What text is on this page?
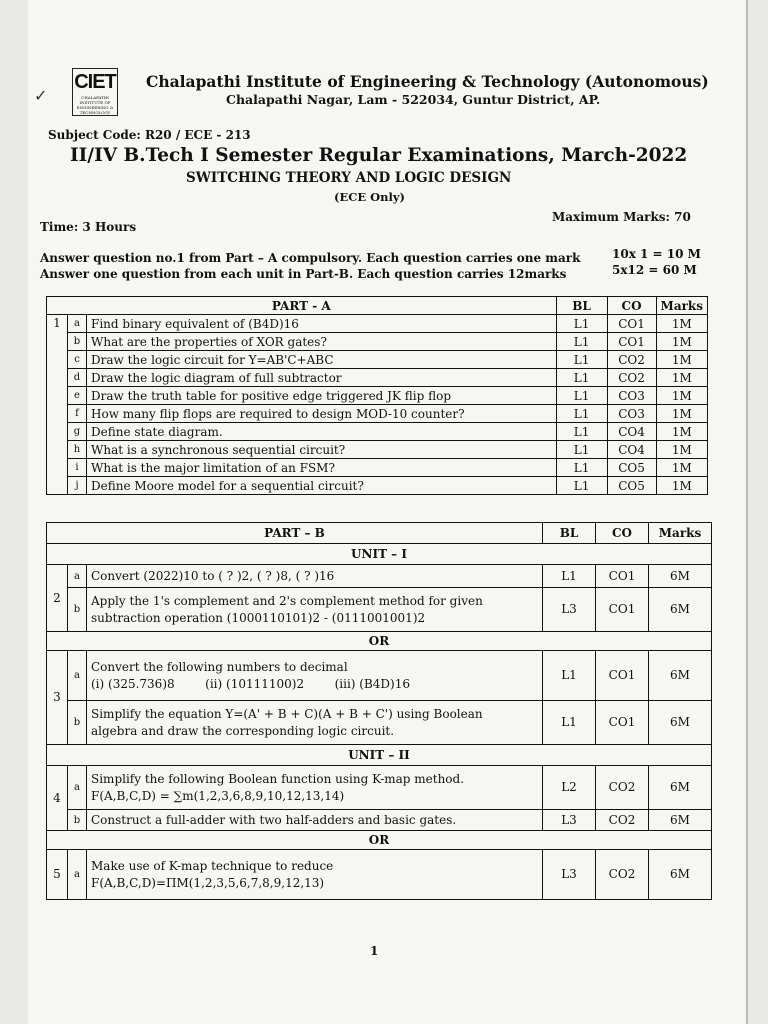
✓
CIET
CHALAPATHI INSTITUTE OF ENGINEERING & TECHNOLOGY
Chalapathi Institute of Engineering & Technology (Autonomous)
Chalapathi Nagar, Lam - 522034, Guntur District, AP.
Subject Code: R20 / ECE - 213
II/IV B.Tech I Semester Regular Examinations, March-2022
SWITCHING THEORY AND LOGIC DESIGN
(ECE Only)
Time: 3 Hours
Maximum Marks: 70
Answer question no.1 from Part – A compulsory. Each question carries one mark
Answer one question from each unit in Part-B. Each question carries 12marks
10x 1 = 10 M
5x12 = 60 M
PART - A			BL	CO	Marks
1	a	Find binary equivalent of (B4D)16	L1	CO1	1M
	b	What are the properties of XOR gates?	L1	CO1	1M
	c	Draw the logic circuit for Y=AB'C+ABC	L1	CO2	1M
	d	Draw the logic diagram of full subtractor	L1	CO2	1M
	e	Draw the truth table for positive edge triggered JK flip flop	L1	CO3	1M
	f	How many flip flops are required to design MOD-10 counter?	L1	CO3	1M
	g	Define state diagram.	L1	CO4	1M
	h	What is a synchronous sequential circuit?	L1	CO4	1M
	i	What is the major limitation of an FSM?	L1	CO5	1M
	j	Define Moore model for a sequential circuit?	L1	CO5	1M
PART – B			BL	CO	Marks
UNIT – I					
2	a	Convert (2022)10 to ( ? )2, ( ? )8, ( ? )16	L1	CO1	6M
	b	Apply the 1's complement and 2's complement method for given
subtraction operation (1000110101)2 - (0111001001)2	L3	CO1	6M
OR					
3	a	Convert the following numbers to decimal
(i) (325.736)8        (ii) (10111100)2        (iii) (B4D)16	L1	CO1	6M
	b	Simplify the equation Y=(A' + B + C)(A + B + C') using Boolean
algebra and draw the corresponding logic circuit.	L1	CO1	6M
UNIT – II					
4	a	Simplify the following Boolean function using K-map method.
F(A,B,C,D) = ∑m(1,2,3,6,8,9,10,12,13,14)	L2	CO2	6M
	b	Construct a full-adder with two half-adders and basic gates.	L3	CO2	6M
OR					
5	a	Make use of K-map technique to reduce
F(A,B,C,D)=ΠM(1,2,3,5,6,7,8,9,12,13)	L3	CO2	6M
1
